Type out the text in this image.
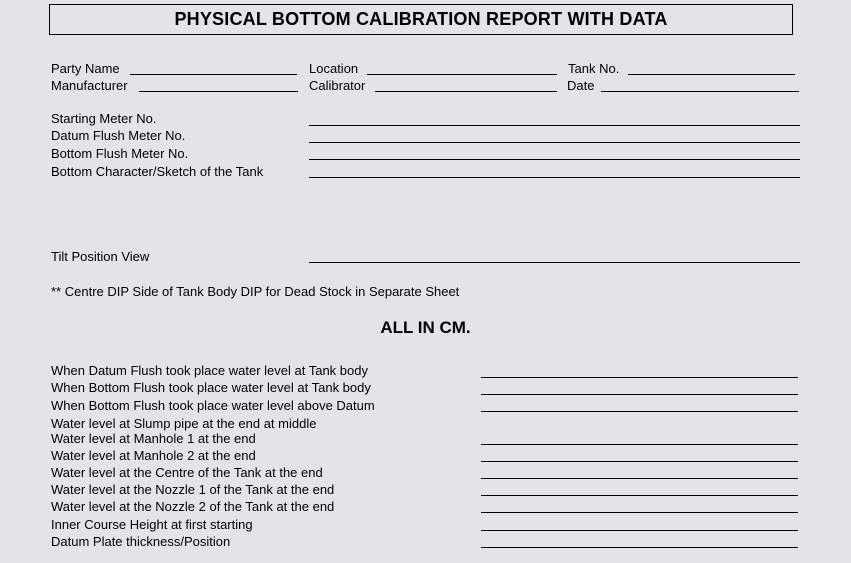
PHYSICAL BOTTOM CALIBRATION REPORT WITH DATA
Party Name	Location	Tank No.
Manufacturer	Calibrator	Date
Starting Meter No.
Datum Flush Meter No.
Bottom Flush Meter No.
Bottom Character/Sketch of the Tank
Tilt Position View
** Centre DIP Side of Tank Body DIP for Dead Stock in Separate Sheet
ALL IN CM.
When Datum Flush took place water level at Tank body
When Bottom Flush took place water level at Tank body
When Bottom Flush took place water level above Datum
Water level at Slump pipe at the end at middle
Water level at Manhole 1 at the end
Water level at Manhole 2 at the end
Water level at the Centre of the Tank at the end
Water level at the Nozzle 1 of the Tank at the end
Water level at the Nozzle 2 of the Tank at the end
Inner Course Height at first starting
Datum Plate thickness/Position
